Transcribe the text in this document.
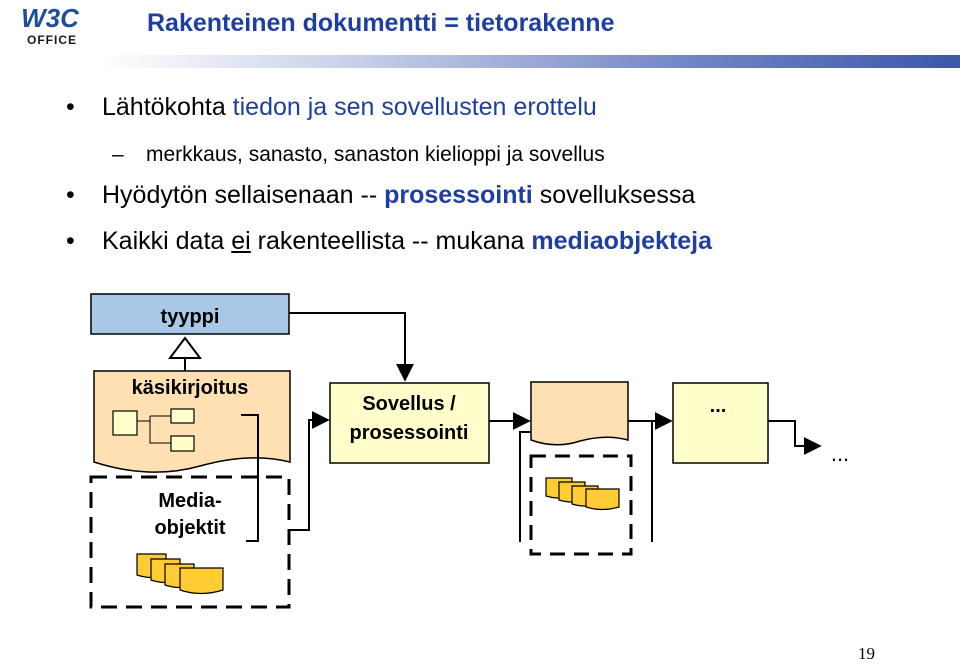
W3C
OFFICE
Rakenteinen dokumentti = tietorakenne
• Lähtökohta tiedon ja sen sovellusten erottelu
– merkkaus, sanasto, sanaston kielioppi ja sovellus
• Hyödytön sellaisenaan -- prosessointi sovelluksessa
• Kaikki data ei rakenteellista -- mukana mediaobjekteja
tyyppi
käsikirjoitus
Media-
objektit
Sovellus /
prosessointi
...
...
19
